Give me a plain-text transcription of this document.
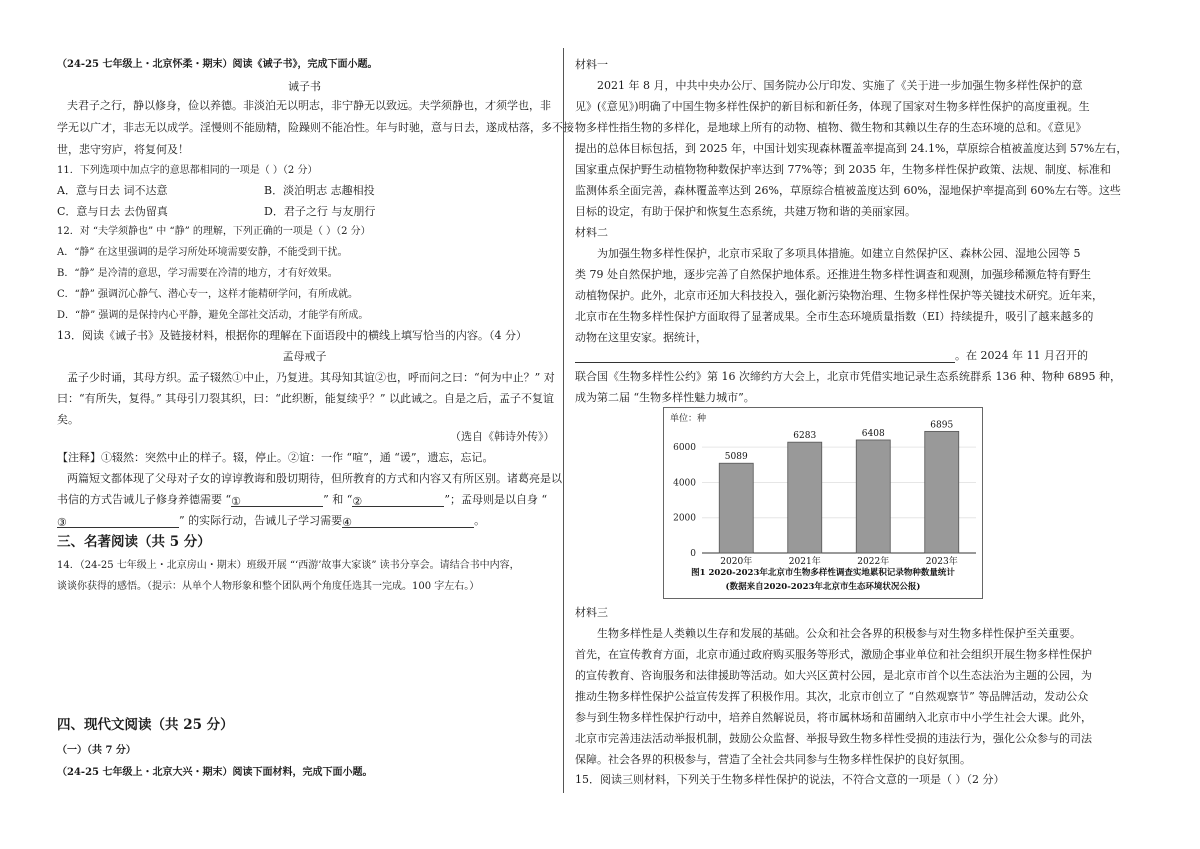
（24-25 七年级上・北京怀柔・期末）阅读《诫子书》，完成下面小题。
诫子书
夫君子之行，静以修身，俭以养德。非淡泊无以明志，非宁静无以致远。夫学须静也，才须学也，非
学无以广才，非志无以成学。淫慢则不能励精，险躁则不能冶性。年与时驰，意与日去，遂成枯落，多不接
世，悲守穷庐，将复何及！
11．下列选项中加点字的意思都相同的一项是（ ）（2 分）
A．意与日去 词不达意	B．淡泊明志 志趣相投
C．意与日去 去伪留真	D．君子之行 与友朋行
12．对 “夫学须静也” 中 “静” 的理解，下列正确的一项是（ ）（2 分）
A．“静” 在这里强调的是学习所处环境需要安静，不能受到干扰。
B．“静” 是冷清的意思，学习需要在冷清的地方，才有好效果。
C．“静” 强调沉心静气、潜心专一，这样才能精研学问，有所成就。
D．“静” 强调的是保持内心平静，避免全部社交活动，才能学有所成。
13．阅读《诫子书》及链接材料，根据你的理解在下面语段中的横线上填写恰当的内容。（4 分）
孟母戒子
孟子少时诵，其母方织。孟子辍然①中止，乃复进。其母知其谊②也，呼而问之曰：“何为中止？” 对
曰：“有所失，复得。” 其母引刀裂其织，曰：“此织断，能复续乎？” 以此诫之。自是之后，孟子不复谊
矣。
（选自《韩诗外传》）
【注释】①辍然：突然中止的样子。辍，停止。②谊：一作 “喧”，通 “谖”，遗忘，忘记。
两篇短文都体现了父母对子女的谆谆教诲和殷切期待，但所教育的方式和内容又有所区别。诸葛亮是以
书信的方式告诫儿子修身养德需要 “①	” 和 “②	”；孟母则是以自身 “
③	” 的实际行动，告诫儿子学习需要④	。
三、名著阅读（共 5 分）
14．（24-25 七年级上・北京房山・期末）班级开展 “‘西游’故事大家谈” 读书分享会。请结合书中内容，
谈谈你获得的感悟。（提示：从单个人物形象和整个团队两个角度任选其一完成。100 字左右。）
四、现代文阅读（共 25 分）
（一）（共 7 分）
（24-25 七年级上・北京大兴・期末）阅读下面材料，完成下面小题。
材料一
2021 年 8 月，中共中央办公厅、国务院办公厅印发、实施了《关于进一步加强生物多样性保护的意
见》(《意见》)明确了中国生物多样性保护的新目标和新任务，体现了国家对生物多样性保护的高度重视。生
物多样性指生物的多样化，是地球上所有的动物、植物、微生物和其赖以生存的生态环境的总和。《意见》
提出的总体目标包括，到 2025 年，中国计划实现森林覆盖率提高到 24.1%，草原综合植被盖度达到 57%左右，
国家重点保护野生动植物物种数保护率达到 77%等；到 2035 年，生物多样性保护政策、法规、制度、标准和
监测体系全面完善，森林覆盖率达到 26%，草原综合植被盖度达到 60%，湿地保护率提高到 60%左右等。这些
目标的设定，有助于保护和恢复生态系统，共建万物和谐的美丽家园。
材料二
为加强生物多样性保护，北京市采取了多项具体措施。如建立自然保护区、森林公园、湿地公园等 5
类 79 处自然保护地，逐步完善了自然保护地体系。还推进生物多样性调查和观测，加强珍稀濒危特有野生
动植物保护。此外，北京市还加大科技投入，强化新污染物治理、生物多样性保护等关键技术研究。近年来，
北京市在生物多样性保护方面取得了显著成果。全市生态环境质量指数（EI）持续提升，吸引了越来越多的
动物在这里安家。据统计，
。在 2024 年 11 月召开的
联合国《生物多样性公约》第 16 次缔约方大会上，北京市凭借实地记录生态系统群系 136 种、物种 6895 种，
成为第二届 “生物多样性魅力城市”。
材料三
生物多样性是人类赖以生存和发展的基础。公众和社会各界的积极参与对生物多样性保护至关重要。
首先，在宣传教育方面，北京市通过政府购买服务等形式，激励企事业单位和社会组织开展生物多样性保护
的宣传教育、咨询服务和法律援助等活动。如大兴区黄村公园，是北京市首个以生态法治为主题的公园，为
推动生物多样性保护公益宣传发挥了积极作用。其次，北京市创立了 “自然观察节” 等品牌活动，发动公众
参与到生物多样性保护行动中，培养自然解说员，将市属林场和苗圃纳入北京市中小学生社会大课。此外，
北京市完善违法活动举报机制，鼓励公众监督、举报导致生物多样性受损的违法行为，强化公众参与的司法
保障。社会各界的积极参与，营造了全社会共同参与生物多样性保护的良好氛围。
15．阅读三则材料，下列关于生物多样性保护的说法，不符合文意的一项是（ ）（2 分）
单位：种
0
2000
4000
6000
5089
2020年
6283
2021年
6408
2022年
6895
2023年
图1 2020-2023年北京市生物多样性调查实地累积记录物种数量统计
(数据来自2020-2023年北京市生态环境状况公报)
